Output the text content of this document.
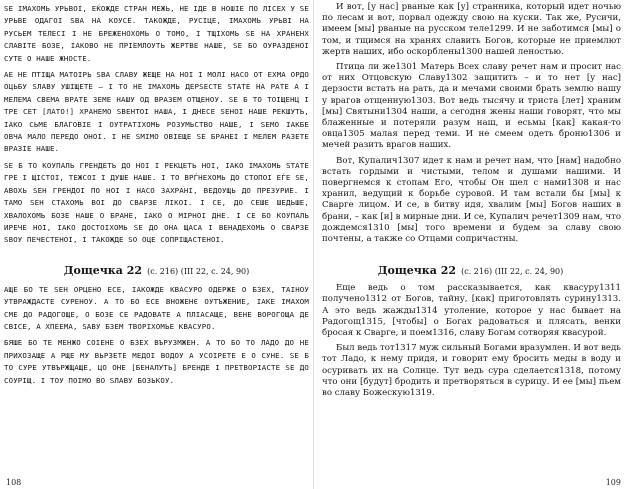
ЅЕ ІМАХОМЬ УРЬВОІ, ЕЌОЖДЕ СТРАН МЕЖЬ, НЕ ІДЕ В НОШІЕ ПО ЛІСЕХ У ЅЕ УРЬВЕ ОДАГОІ ЅВА НА КОУСЕ. ТАКОЖДЕ, РУСІЦЕ, ІМАХОМЬ УРЬВІ НА РУСЬЕМ ТЕЛЕСІ І НЕ БРЕЖЕНОХОМЬ О ТОМО, І ТЩІХОМЬ ЅЕ НА ХРАНЕНХ СЛАВІТЕ БОЗЕ, ІАКОВО НЕ ПРІЕМЛОУТЬ ЖЕРТВЕ НАШЕ, ЅЕ БО ОУРАЗДЕНОІ СУТЕ О НАШЕ ЖНОСТЕ.

АЕ НЕ ПТІЩА МАТОІРЬ ЅВА СЛАВУ ЖЕЩЕ НА НОІ І МОЛІ НАСО ОТ ЕХМА ОРДО ОЦЬБУ ЅЛАВУ УШІЩЕТЕ – І ТО НЕ ІМАХОМЬ ДЕРЅЕСТЕ ЅТАТЕ НА РАТЕ А І МЕЛЕМА СBЕМА ВРАТЕ ЗЕМЕ НАШУ ОД ВРАЗЕМ ОТЩЕНОУ. ЅЕ Б ТО ТОІЩЕНЦ І ТРЕ СЕТ [ЛАТО!] ХРАНЕМО ЅВЕНТОІ НАША, І ДНЕСЕ ЅЕНОІ НАШЕ РЕКШУТЬ, ІАКО СЬМЕ БЛАГОВІЕ І ОУТРАТІХОМЬ РОЗУМЬСТВО НАШЕ, І ЅЕМО ІАКБЕ ОВЧА МАЛО ПЕРЕДО ОНОІ. І НЕ ЅМІМО ОВІЕЩЕ ЅЕ БРАНЕІ І МЕЛЕМ РАЗЕТЕ ВРАЗІЕ НАШЕ.

ЅЕ Б ТО КОУПАЛЬ ГРЕНДЕТЬ ДО НОІ І РЕКЦЕТЬ НОІ, ІАКО ІМАХОМЬ ЅТАТЕ ГРЕ І ЩІСТОІ, ТЕЖСОІ І ДУШЕ НАШЕ. І ТО ВРЃНЕХОМЬ ДО СТОПОІ ЕЃЕ ЅЕ, АВОХЬ ЅЕН ГРЕНДОІ ПО НОІ І НАСО ЗАХРАНІ, ВЕДОУЩЬ ДО ПРЕЗУРИЕ. І ТАМО ЅЕН СТАХОМЬ ВОІ ДО СВАРЗЕ ЛІКОІ. І СЕ, ДО СЕШЕ ШЕДЬШЕ, ХВАЛОХОМЬ БОЗЕ НАШЕ О БРАНЕ, ІАКО О МІРНОІ ДНЕ. І СЕ БО КОУПАЛЬ ИРЕЧЕ НОІ, ІАКО ДОСТОІХОМЬ ЅЕ ДО ОНА ЩАСА І ВЕНАДЕХОМЬ О СВАРЗЕ ЅВОУ ПЕЧЕСТЕНОІ, І ТАКОЖДЕ ЅО ОЦЕ СОПРІЩАСТЕНОІ.

Дощечка 22 (с. 216) (III 22, с. 24, 90)

АЩЕ БО ТЕ ЅЕН ОРЦЕНО ЕСЕ, ІАКОЖДЕ КВАСУРО ОДЕРЖЕ О БЗЕХ, ТАІНОУ УТВРАЖДАСТЕ СУРЕНОУ. А ТО БО ЕСЕ ВНОЖЕНЄ ОУТЪЖЕНИЕ, ІАКЕ ІМАХОМ СМЕ ДО РАДОГОЩЕ, О БОЗЕ СЕ РАДОВАТЕ А ПЛІАСАЩЕ, ВЕНЕ ВОРОГОЩА ДЕ СВІСЕ, А ХПЕЕМА, ЅАВУ БЗЕМ ТВОРІХОМЬЕ КВАСУРО.

БЯШЕ БО ТЕ МЕНЖО СОІЕНЕ О БЗЕХ ВЪРУЗМЖЕН. А ТО БО ТО ЛАДО ДО НЕ ПРИХОЗАЩЕ А РЩЕ МУ ВЬРЗЕТЕ МЕДОІ ВОДОУ А УСОІРЕТЕ Е О СУНЕ. ЅЕ Б ТО СУРЕ УТВЪРЖЩАЩЕ, ЦО ОНЕ [БЕНАЛУТЬ] БРЕНДЕ І ПРЕТВОРІАСТЕ ЅЕ ДО СОУРІЩ. І ТОУ ПОІМО ВО ЅЛАВУ БОЗЬКОУ.

108

И вот, [у нас] рваные как [у] странника, который идет ночью по лесам и вот, порвал одежду свою на куски. Так же, Русичи, имеем [мы] рваные на русском теле1299. И не заботимся [мы] о том, и тщимся на хранях славить Богов, которые не приемлют жертв наших, ибо оскорблены1300 нашей леностью.

Птица ли же1301 Матерь Всех славу речет нам и просит нас от них Отцовскую Славу1302 защитить – и то нет [у нас] дерзости встать на рать, да и мечами своими брать землю нашу у врагов отщенную1303. Вот ведь тысячу и триста [лет] храним [мы] Святыни1304 наши, а сегодня жены наши говорят, что мы блаженные и потеряли разум наш, и есьмы [как] какая-то овца1305 малая перед теми. И не смеем одеть броню1306 и мечей разить врагов наших.

Вот, Купалич1307 идет к нам и речет нам, что [нам] надобно встать гордыми и чистыми, телом и душами нашими. И повергнемся к стопам Его, чтобы Он шел с нами1308 и нас хранил, ведущий к борьбе суровой. И там встали бы [мы] к Сварге лицом. И се, в битву идя, хвалим [мы] Богов наших в брани, – как [и] в мирные дни. И се, Купалич речет1309 нам, что дождемся1310 [мы] того времени и будем за славу свою почтены, а также со Отцами сопричастны.

Дощечка 22 (с. 216) (III 22, с. 24, 90)

Еще ведь о том рассказывается, как квасуру1311 получено1312 от Богов, тайну, [как] приготовлять сурину1313. А это ведь жажды1314 утоление, которое у нас бывает на Радогощ1315, [чтобы] о Богах радоваться и плясать, венки бросая к Сварге, и поем1316, славу Богам сотворяя квасурой.

Был ведь тот1317 муж сильный Богами вразумлен. И вот ведь тот Ладо, к нему придя, и говорит ему бросить меды в воду и осуривать их на Солнце. Тут ведь сура сделается1318, потому что они [будут] бродить и претворяться в сурицу. И ее [мы] пьем во славу Божескую1319.

109
